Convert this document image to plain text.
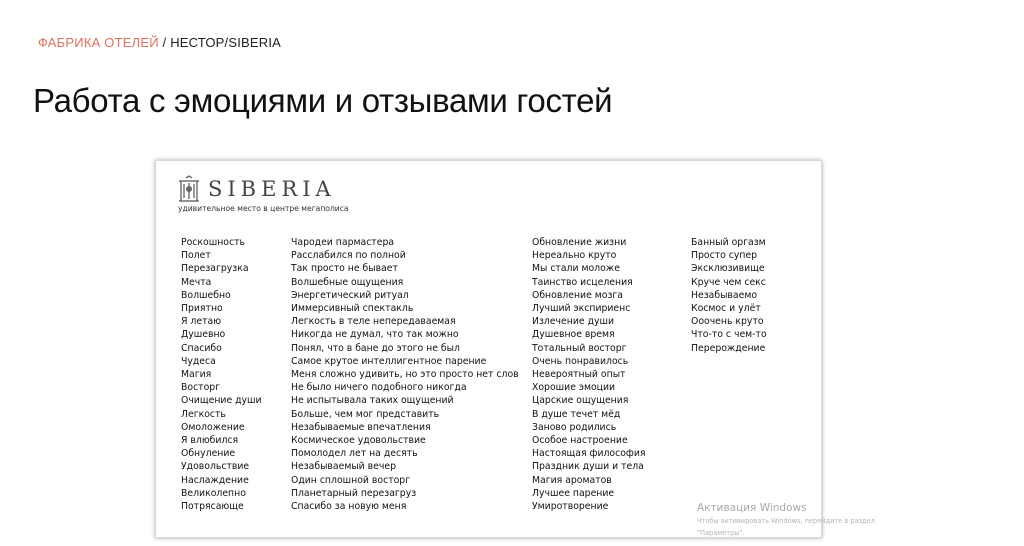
ФАБРИКА ОТЕЛЕЙ / НЕСТОР/SIBERIA
Работа с эмоциями и отзывами гостей
SIBERIA
удивительное место в центре мегаполиса
Роскошность
Полет
Перезагрузка
Мечта
Волшебно
Приятно
Я летаю
Душевно
Спасибо
Чудеса
Магия
Восторг
Очищение души
Легкость
Омоложение
Я влюбился
Обнуление
Удовольствие
Наслаждение
Великолепно
Потрясающе
Чародеи пармастера
Расслабился по полной
Так просто не бывает
Волшебные ощущения
Энергетический ритуал
Иммерсивный спектакль
Легкость в теле непередаваемая
Никогда не думал, что так можно
Понял, что в бане до этого не был
Самое крутое интеллигентное парение
Меня сложно удивить, но это просто нет слов
Не было ничего подобного никогда
Не испытывала таких ощущений
Больше, чем мог представить
Незабываемые впечатления
Космическое удовольствие
Помолодел лет на десять
Незабываемый вечер
Один сплошной восторг
Планетарный перезагруз
Спасибо за новую меня
Обновление жизни
Нереально круто
Мы стали моложе
Таинство исцеления
Обновление мозга
Лучший экспириенс
Излечение души
Душевное время
Тотальный восторг
Очень понравилось
Невероятный опыт
Хорошие эмоции
Царские ощущения
В душе течет мёд
Заново родились
Особое настроение
Настоящая философия
Праздник души и тела
Магия ароматов
Лучшее парение
Умиротворение
Банный оргазм
Просто супер
Эксклюзивище
Круче чем секс
Незабываемо
Космос и улёт
Ооочень круто
Что-то с чем-то
Перерождение
Активация Windows
Чтобы активировать Windows, перейдите в раздел
"Параметры".
